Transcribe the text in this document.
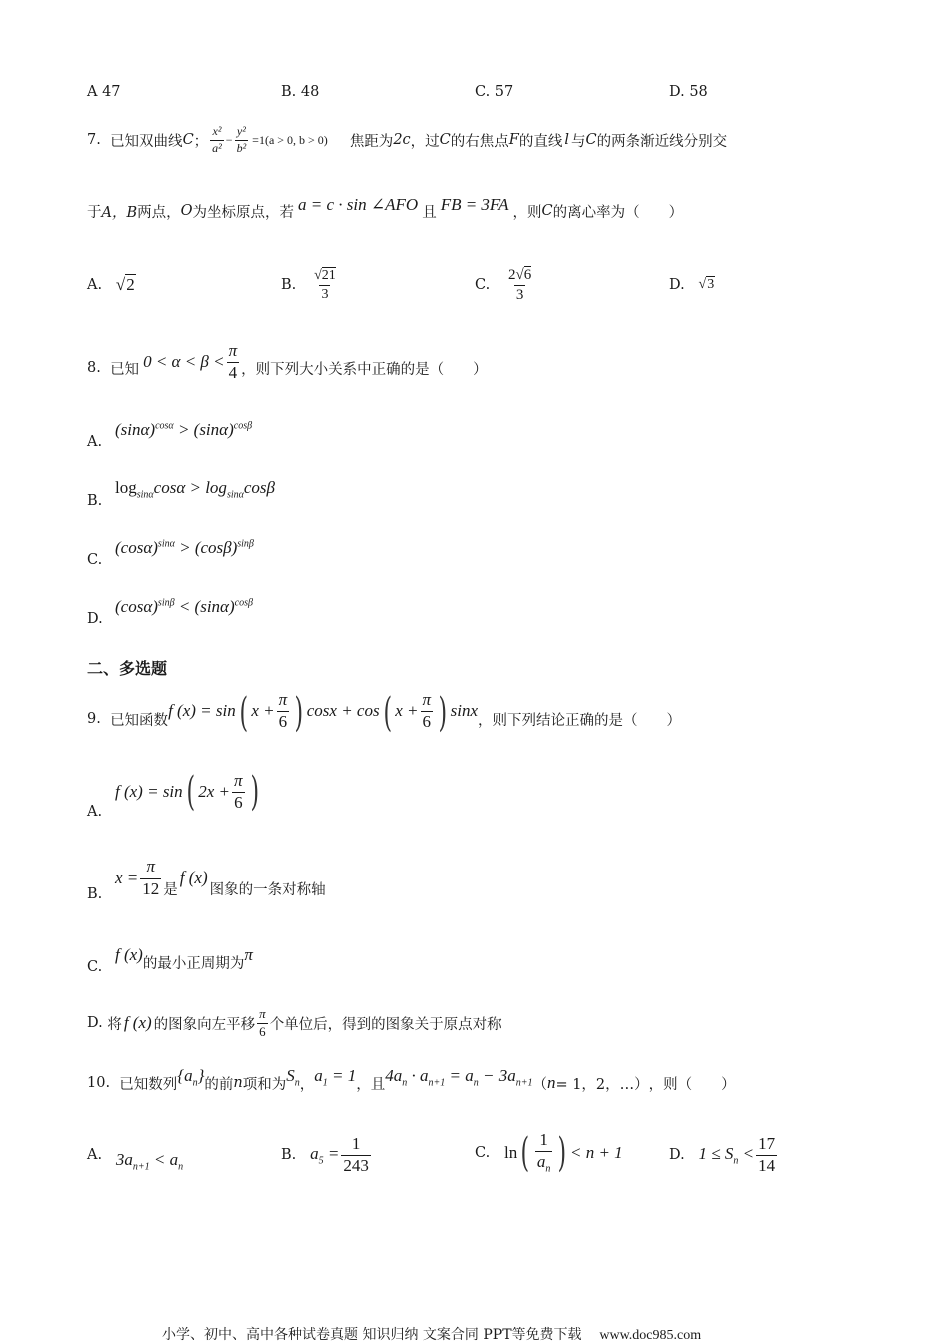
A 47	B. 48	C. 57	D. 58
7.
已知双曲线 C ； $\frac{\text{x²}}{\text{a²}} - \frac{\text{y²}}{\text{b²}} = 1(a > 0$, b > 0) 焦距为 2c ，过 C 的右焦点 F 的直线 l 与 C 的两条渐近线分别交
于 A，B 两点， O 为坐标原点，若 a = c · sin ∠AFO 且 FB = 3FA ，则 C 的离心率为（　　）
A.
√2	B.
$\frac{√21}{3}$	C.
$\frac{2√6}{3}$	D.
√3
8.
已知 $0 < \alpha < \beta < \frac{\pi}{4}$ ，则下列大小关系中正确的是（　　）
A.
$(\sin\alpha)^{cos\alpha} > (\sin\alpha)^{cos\beta}$
B.
$\log_{sin\alpha}\cos\alpha > \log_{sin\alpha}\cos\beta$
C.
$(\cos\alpha)^{sin\alpha} > (\cos\beta)^{sin\beta}$
D.
$(\cos\alpha)^{sin\beta} < (\sin\alpha)^{cos\beta}$
二、多选题
9.
已知函数
f (x) = sin ( $x + \frac{\pi}{6}$ ) cosx + cos ( $x + \frac{\pi}{6}$ ) sinx
，则下列结论正确的是（　　）
A.
f (x) = sin ( $2x + \frac{\pi}{6}$ )
B.
$x = \frac{\pi}{12}$ 是
f (x)
图象的一条对称轴
C.
f (x)的最小正周期为π
D.
将 f (x) 的图象向左平移 $\frac{\pi}{6}$ 个单位后，得到的图象关于原点对称
10.
已知数列 $\{a_n\}$ 的前 n 项和为 $S_n$ ， $a_1 = 1$ ，且 $4a_n \cdot a_{n+1} = a_n - 3a_{n+1}$ （ n = 1，2，…） ，则（　　）
A.
$3a_{n+1} < a_n$
B.
$a_5 = \frac{1}{243}$	C.
ln ( $\frac{1}{a_n}$ ) < n + 1	D.
$1 \le S_n < \frac{17}{14}$
小学、初中、高中各种试卷真题 知识归纳 文案合同 PPT等免费下载 www.doc985.com
